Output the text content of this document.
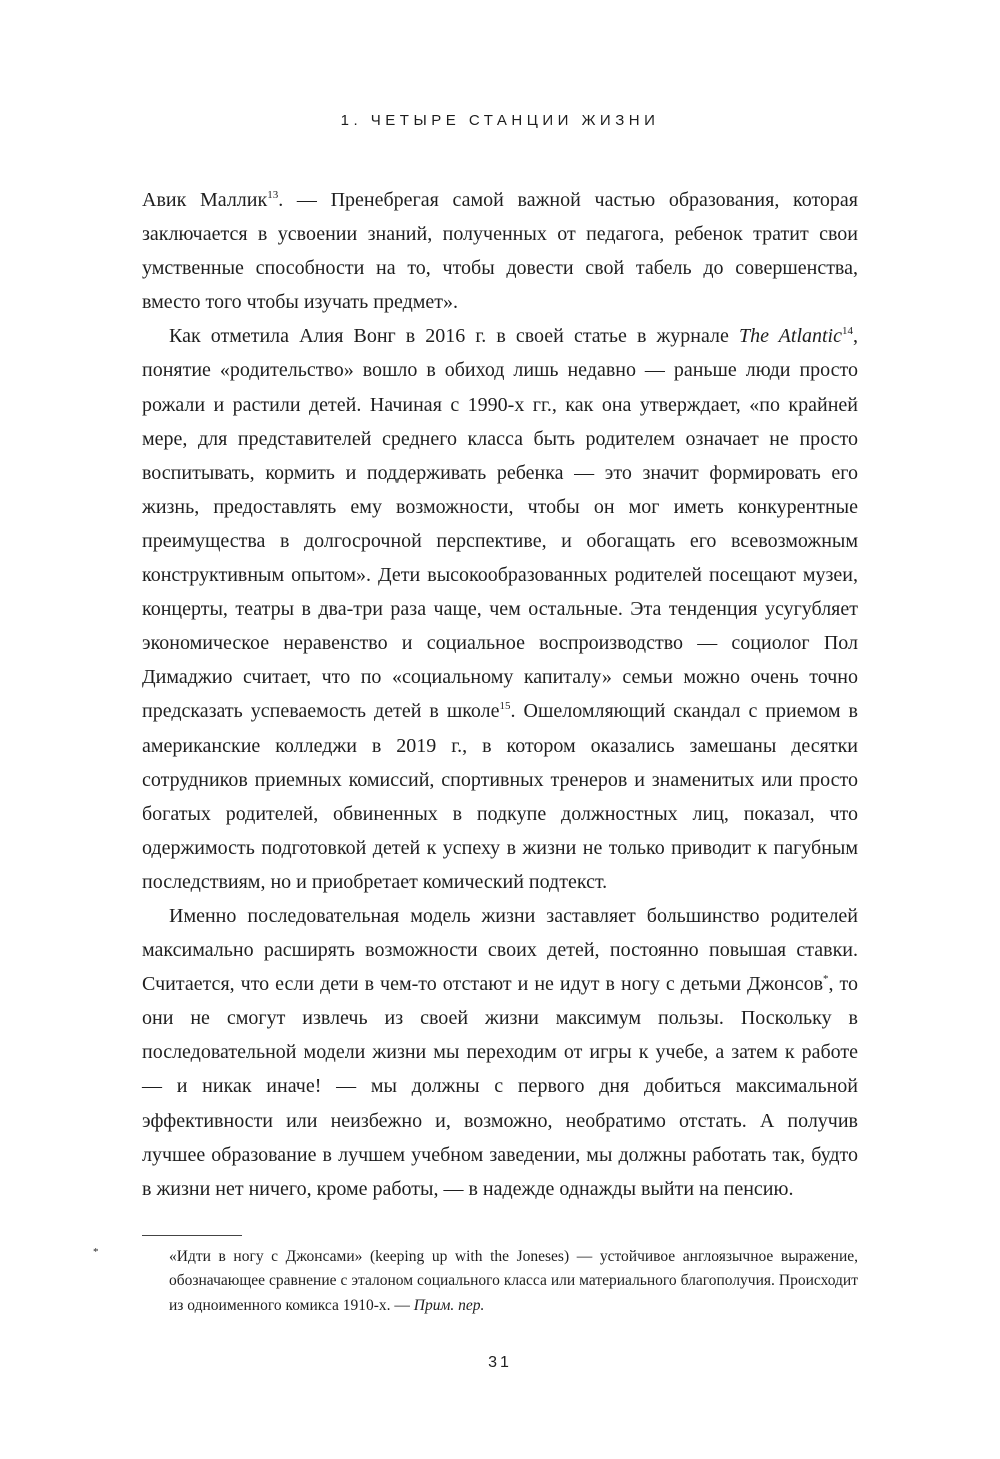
1. ЧЕТЫРЕ СТАНЦИИ ЖИЗНИ

Авик Маллик$^{13}$. — Пренебрегая самой важной частью образования, которая заключается в усвоении знаний, полученных от педагога, ребенок тратит свои умственные способности на то, чтобы довести свой табель до совершенства, вместо того чтобы изучать предмет».

Как отметила Алия Вонг в 2016 г. в своей статье в журнале The Atlantic$^{14}$, понятие «родительство» вошло в обиход лишь недавно — раньше люди просто рожали и растили детей. Начиная с 1990-х гг., как она утверждает, «по крайней мере, для представителей среднего класса быть родителем означает не просто воспитывать, кормить и поддерживать ребенка — это значит формировать его жизнь, предоставлять ему возможности, чтобы он мог иметь конкурентные преимущества в долгосрочной перспективе, и обогащать его всевозможным конструктивным опытом». Дети высокообразованных родителей посещают музеи, концерты, театры в два-три раза чаще, чем остальные. Эта тенденция усугубляет экономическое неравенство и социальное воспроизводство — социолог Пол Димаджио считает, что по «социальному капиталу» семьи можно очень точно предсказать успеваемость детей в школе$^{15}$. Ошеломляющий скандал с приемом в американские колледжи в 2019 г., в котором оказались замешаны десятки сотрудников приемных комиссий, спортивных тренеров и знаменитых или просто богатых родителей, обвиненных в подкупе должностных лиц, показал, что одержимость подготовкой детей к успеху в жизни не только приводит к пагубным последствиям, но и приобретает комический подтекст.

Именно последовательная модель жизни заставляет большинство родителей максимально расширять возможности своих детей, постоянно повышая ставки. Считается, что если дети в чем-то отстают и не идут в ногу с детьми Джонсов*, то они не смогут извлечь из своей жизни максимум пользы. Поскольку в последовательной модели жизни мы переходим от игры к учебе, а затем к работе — и никак иначе! — мы должны с первого дня добиться максимальной эффективности или неизбежно и, возможно, необратимо отстать. А получив лучшее образование в лучшем учебном заведении, мы должны работать так, будто в жизни нет ничего, кроме работы, — в надежде однажды выйти на пенсию.

*	«Идти в ногу с Джонсами» (keeping up with the Joneses) — устойчивое англоязычное выражение, обозначающее сравнение с эталоном социального класса или материального благополучия. Происходит из одноименного комикса 1910-х. — Прим. пер.
31
